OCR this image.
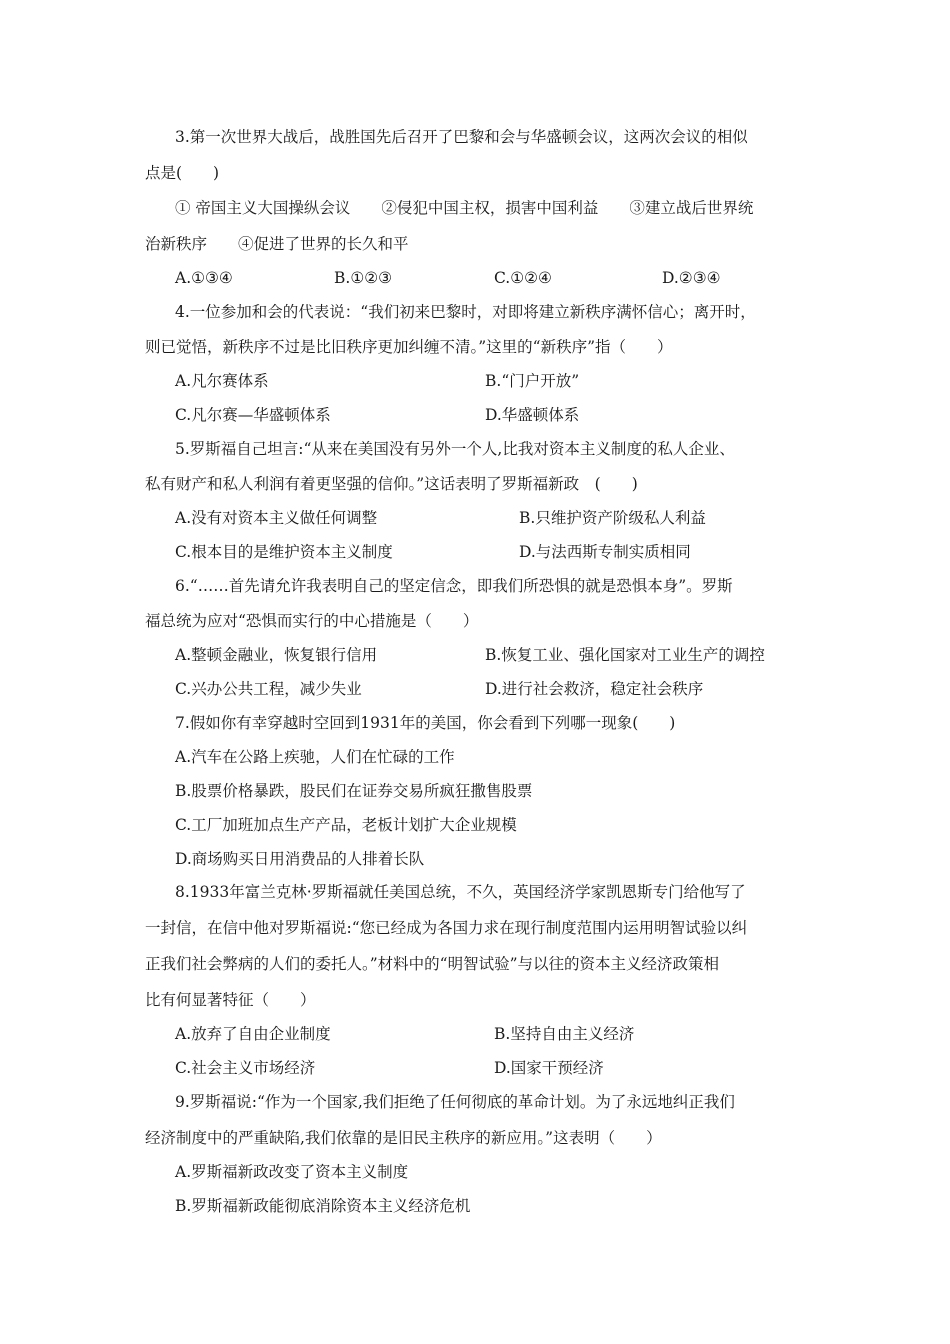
3.第一次世界大战后，战胜国先后召开了巴黎和会与华盛顿会议，这两次会议的相似
点是(　　)
① 帝国主义大国操纵会议　　②侵犯中国主权，损害中国利益　　③建立战后世界统
治新秩序　　④促进了世界的长久和平
A.①③④	B.①②③	C.①②④	D.②③④
4.一位参加和会的代表说：“我们初来巴黎时，对即将建立新秩序满怀信心；离开时，
则已觉悟，新秩序不过是比旧秩序更加纠缠不清。”这里的“新秩序”指（　　）
A.凡尔赛体系	B.“门户开放”
C.凡尔赛—华盛顿体系	D.华盛顿体系
5.罗斯福自己坦言:“从来在美国没有另外一个人,比我对资本主义制度的私人企业、
私有财产和私人利润有着更坚强的信仰。”这话表明了罗斯福新政　(　　)
A.没有对资本主义做任何调整	B.只维护资产阶级私人利益
C.根本目的是维护资本主义制度	D.与法西斯专制实质相同
6.“……首先请允许我表明自己的坚定信念，即我们所恐惧的就是恐惧本身”。罗斯
福总统为应对“恐惧而实行的中心措施是（　　）
A.整顿金融业，恢复银行信用	B.恢复工业、强化国家对工业生产的调控
C.兴办公共工程，减少失业	D.进行社会救济，稳定社会秩序
7.假如你有幸穿越时空回到1931年的美国，你会看到下列哪一现象(　　)
A.汽车在公路上疾驰，人们在忙碌的工作
B.股票价格暴跌，股民们在证券交易所疯狂撒售股票
C.工厂加班加点生产产品，老板计划扩大企业规模
D.商场购买日用消费品的人排着长队
8.1933年富兰克林·罗斯福就任美国总统，不久，英国经济学家凯恩斯专门给他写了
一封信，在信中他对罗斯福说:“您已经成为各国力求在现行制度范围内运用明智试验以纠
正我们社会弊病的人们的委托人。”材料中的“明智试验”与以往的资本主义经济政策相
比有何显著特征（　　）
A.放弃了自由企业制度	B.坚持自由主义经济
C.社会主义市场经济	D.国家干预经济
9.罗斯福说:“作为一个国家,我们拒绝了任何彻底的革命计划。为了永远地纠正我们
经济制度中的严重缺陷,我们依靠的是旧民主秩序的新应用。”这表明（　　）
A.罗斯福新政改变了资本主义制度
B.罗斯福新政能彻底消除资本主义经济危机
